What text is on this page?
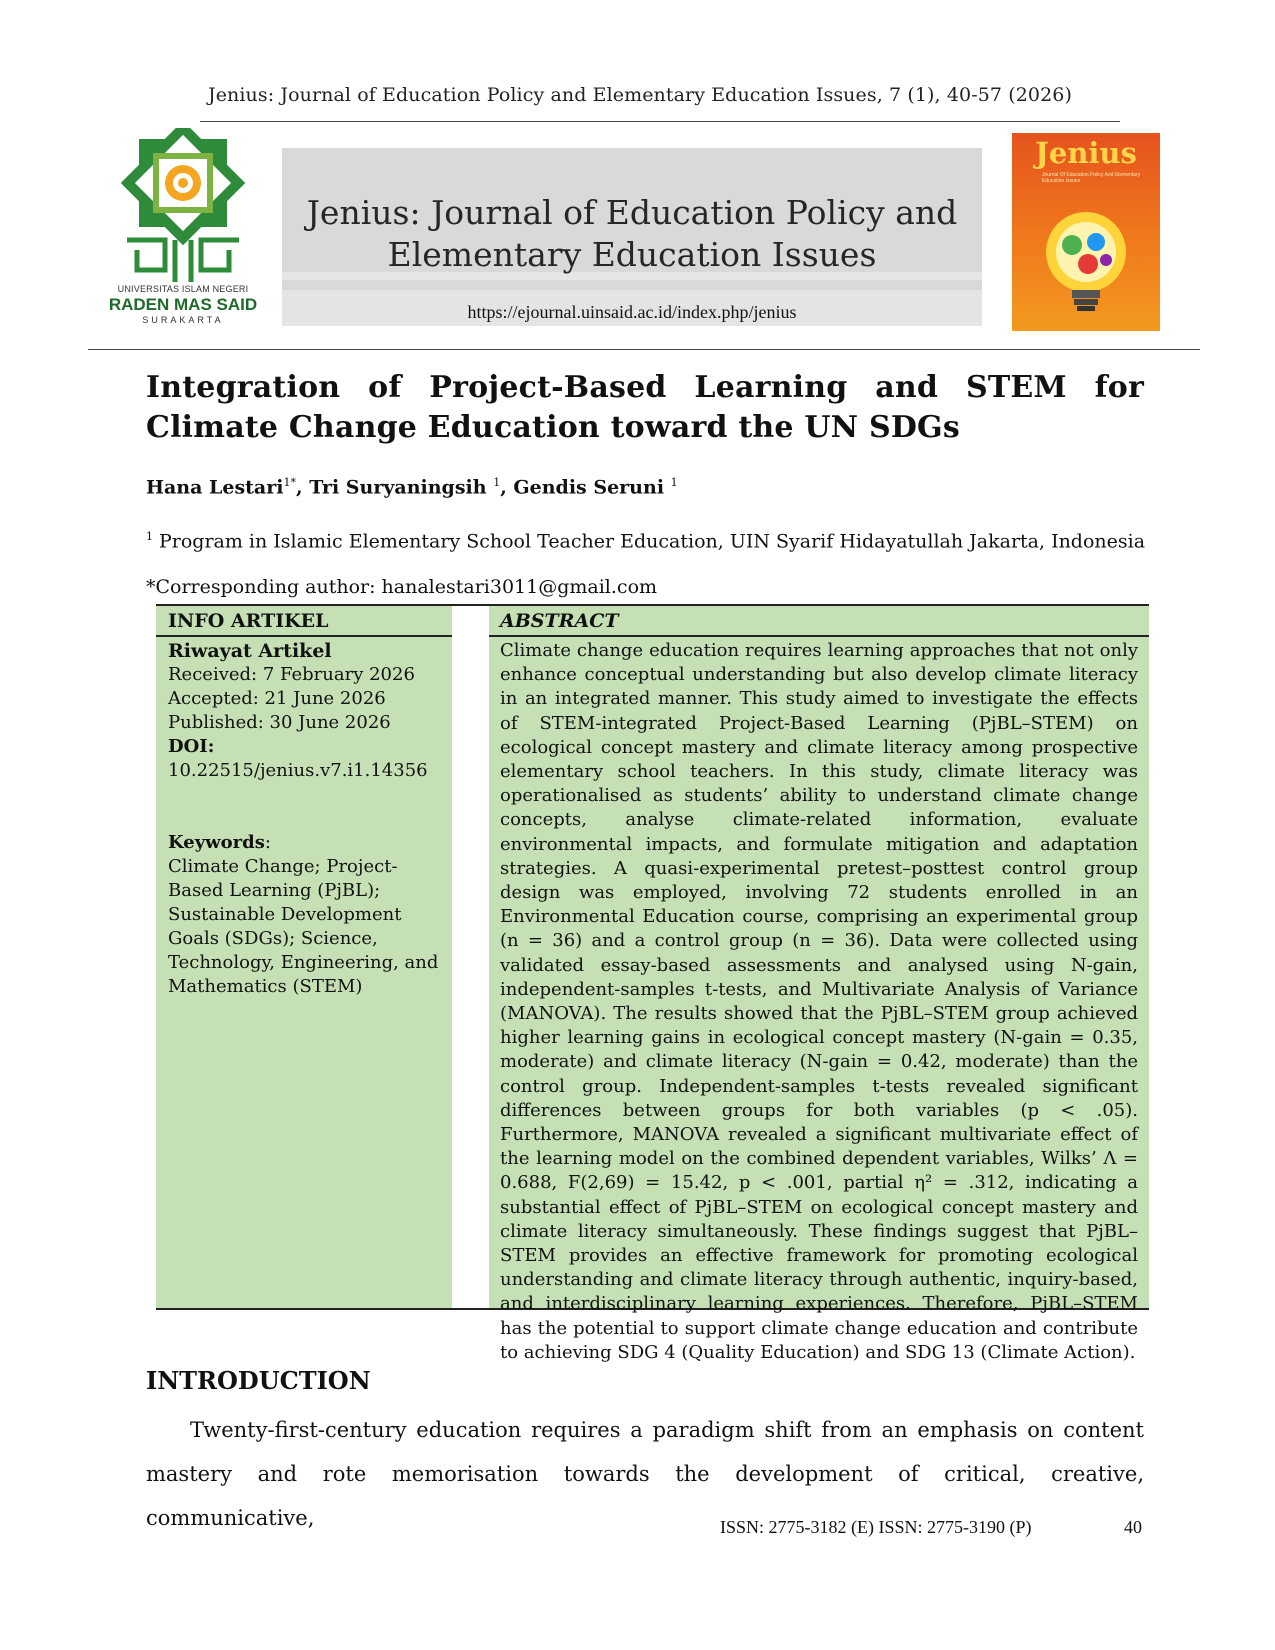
Jenius: Journal of Education Policy and Elementary Education Issues, 7 (1), 40-57 (2026)
UNIVERSITAS ISLAM NEGERI
RADEN MAS SAID
SURAKARTA
Jenius: Journal of Education Policy and
Elementary Education Issues
https://ejournal.uinsaid.ac.id/index.php/jenius
Jenius
Journal Of Education Policy And Elementary Education Issues
Integration of Project-Based Learning and STEM for Climate Change Education toward the UN SDGs
Hana Lestari$^{1*}$, Tri Suryaningsih $^1$, Gendis Seruni $^1$
$^1$ Program in Islamic Elementary School Teacher Education, UIN Syarif Hidayatullah Jakarta, Indonesia
*Corresponding author: hanalestari3011@gmail.com
INFO ARTIKEL	ABSTRACT
Riwayat Artikel
Received: 7 February 2026
Accepted: 21 June 2026
Published: 30 June 2026
DOI:
10.22515/jenius.v7.i1.14356
Keywords:
Climate Change; Project-Based Learning (PjBL); Sustainable Development Goals (SDGs); Science, Technology, Engineering, and Mathematics (STEM)
Climate change education requires learning approaches that not only enhance conceptual understanding but also develop climate literacy in an integrated manner. This study aimed to investigate the effects of STEM-integrated Project-Based Learning (PjBL–STEM) on ecological concept mastery and climate literacy among prospective elementary school teachers. In this study, climate literacy was operationalised as students’ ability to understand climate change concepts, analyse climate-related information, evaluate environmental impacts, and formulate mitigation and adaptation strategies. A quasi-experimental pretest–posttest control group design was employed, involving 72 students enrolled in an Environmental Education course, comprising an experimental group (n = 36) and a control group (n = 36). Data were collected using validated essay-based assessments and analysed using N-gain, independent-samples t-tests, and Multivariate Analysis of Variance (MANOVA). The results showed that the PjBL–STEM group achieved higher learning gains in ecological concept mastery (N-gain = 0.35, moderate) and climate literacy (N-gain = 0.42, moderate) than the control group. Independent-samples t-tests revealed significant differences between groups for both variables (p < .05). Furthermore, MANOVA revealed a significant multivariate effect of the learning model on the combined dependent variables, Wilks’ Λ = 0.688, F(2,69) = 15.42, p < .001, partial η² = .312, indicating a substantial effect of PjBL–STEM on ecological concept mastery and climate literacy simultaneously. These findings suggest that PjBL–STEM provides an effective framework for promoting ecological understanding and climate literacy through authentic, inquiry-based, and interdisciplinary learning experiences. Therefore, PjBL–STEM has the potential to support climate change education and contribute to achieving SDG 4 (Quality Education) and SDG 13 (Climate Action).
INTRODUCTION

Twenty-first-century education requires a paradigm shift from an emphasis on content mastery and rote memorisation towards the development of critical, creative, communicative,	ISSN: 2775-3182 (E) ISSN: 2775-3190 (P)	40
